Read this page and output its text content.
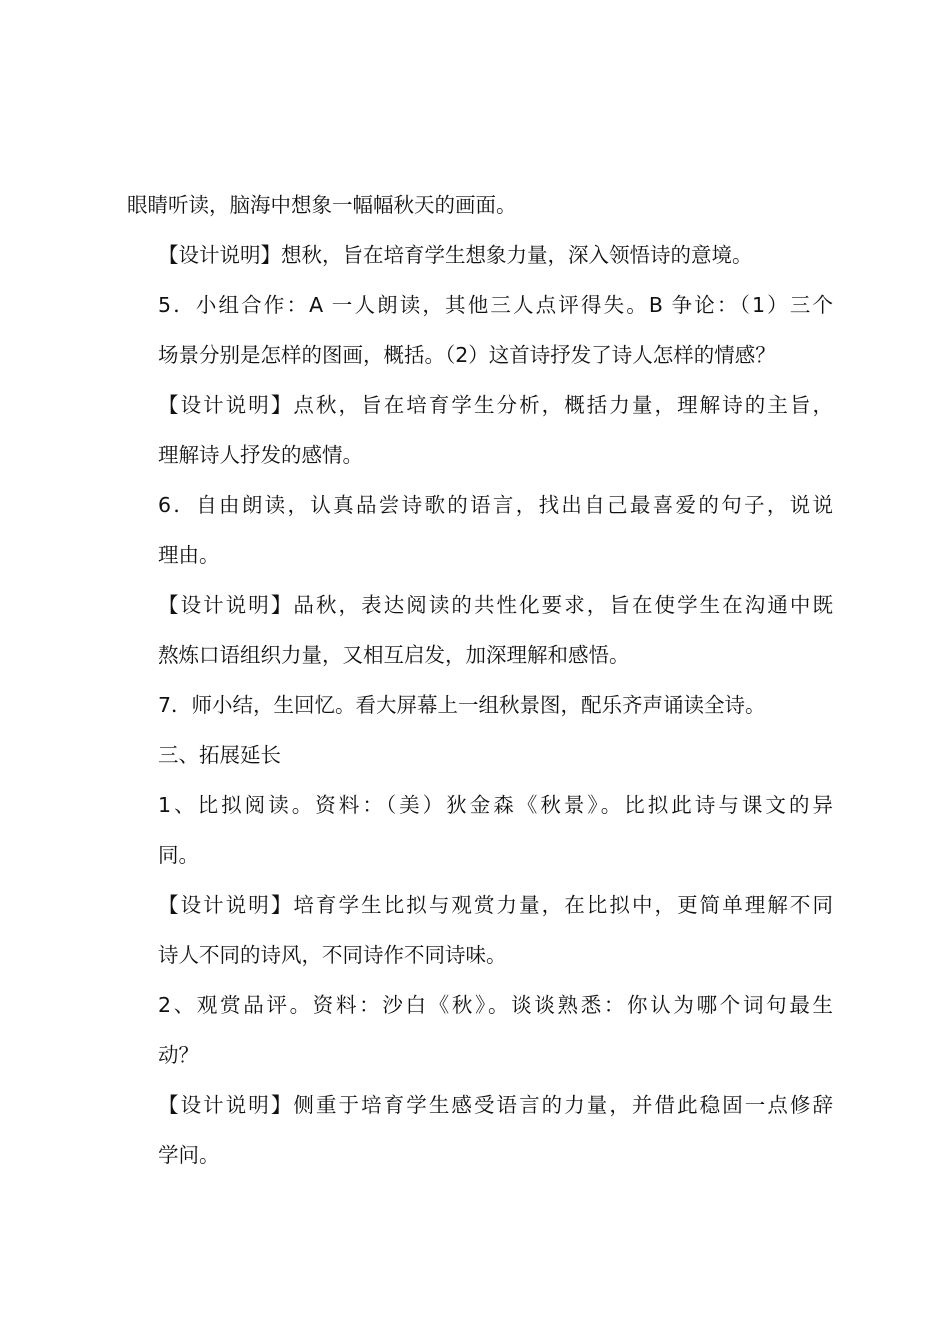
眼睛听读，脑海中想象一幅幅秋天的画面。

【设计说明】想秋，旨在培育学生想象力量，深入领悟诗的意境。

5．小组合作：A 一人朗读，其他三人点评得失。B 争论：（1）三个
场景分别是怎样的图画，概括。（2）这首诗抒发了诗人怎样的情感？

【设计说明】点秋，旨在培育学生分析，概括力量，理解诗的主旨，
理解诗人抒发的感情。

6．自由朗读，认真品尝诗歌的语言，找出自己最喜爱的句子，说说
理由。

【设计说明】品秋，表达阅读的共性化要求，旨在使学生在沟通中既
熬炼口语组织力量，又相互启发，加深理解和感悟。

7．师小结，生回忆。看大屏幕上一组秋景图，配乐齐声诵读全诗。

三、拓展延长

1、比拟阅读。资料：（美）狄金森《秋景》。比拟此诗与课文的异
同。

【设计说明】培育学生比拟与观赏力量，在比拟中，更简单理解不同
诗人不同的诗风，不同诗作不同诗味。

2、观赏品评。资料：沙白《秋》。谈谈熟悉：你认为哪个词句最生
动？

【设计说明】侧重于培育学生感受语言的力量，并借此稳固一点修辞
学问。
